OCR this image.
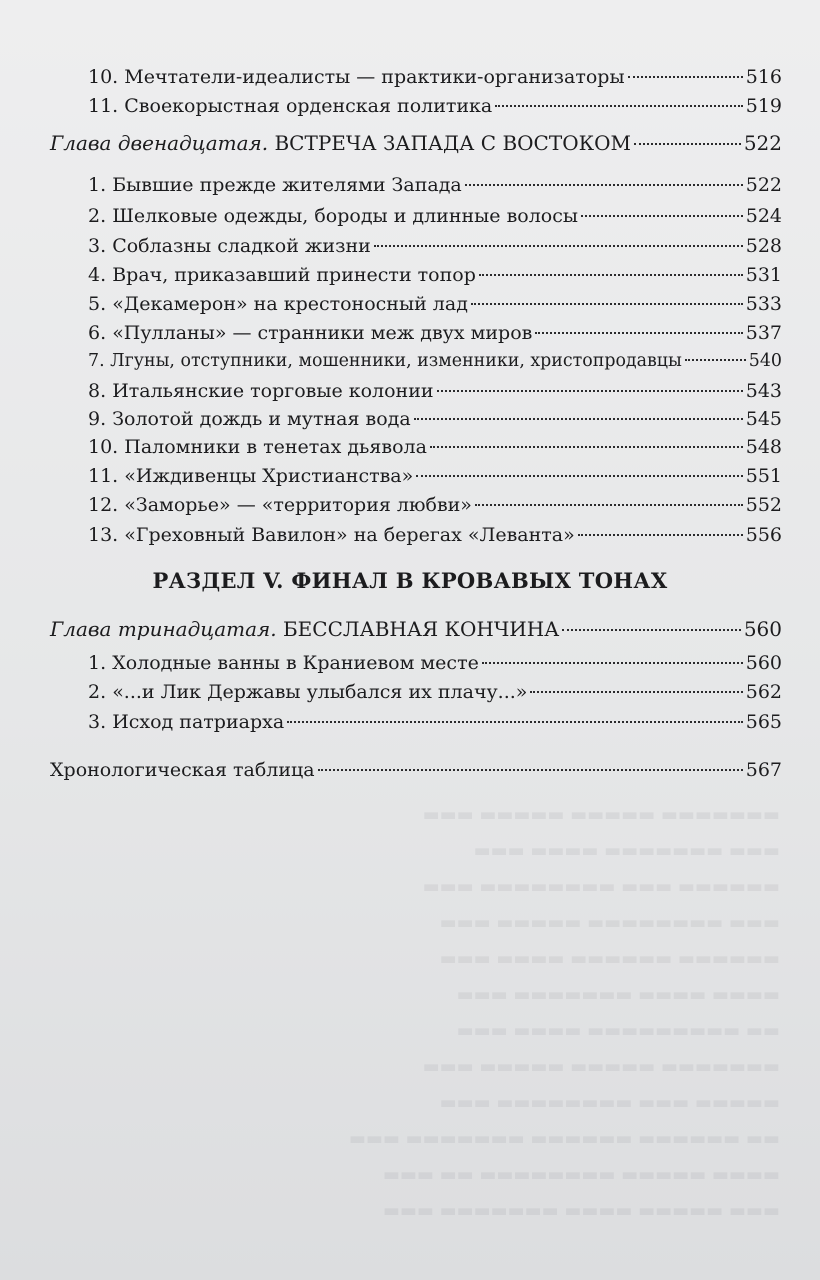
▬▬▬ ▬▬▬▬▬ ▬▬▬▬ ▬▬▬▬▬▬▬ ▬▬▬
▬▬▬▬ ▬▬▬▬▬ ▬▬▬▬▬▬▬▬ ▬▬ ▬▬▬
▬▬ ▬▬▬▬▬▬ ▬▬▬▬▬▬ ▬▬▬▬▬▬▬ ▬▬▬
▬▬▬▬▬ ▬▬▬ ▬▬▬▬▬▬▬▬ ▬▬▬
▬▬▬▬▬▬▬ ▬▬▬▬▬ ▬▬▬▬▬ ▬▬▬
▬▬ ▬▬▬▬▬▬▬▬▬ ▬▬▬▬ ▬▬▬
▬▬▬▬ ▬▬▬▬ ▬▬▬▬▬▬▬ ▬▬▬
▬▬▬▬▬▬ ▬▬▬▬▬▬ ▬▬▬▬ ▬▬▬
▬▬▬ ▬▬▬▬▬▬▬▬ ▬▬▬▬▬ ▬▬▬
▬▬▬▬▬▬ ▬▬▬ ▬▬▬▬▬▬▬▬ ▬▬▬
▬▬▬ ▬▬▬▬▬▬▬ ▬▬▬▬ ▬▬▬
▬▬▬▬▬▬▬ ▬▬▬▬▬ ▬▬▬▬▬ ▬▬▬
10. Мечтатели-идеалисты — практики-организаторы	516
11. Своекорыстная орденская политика	519
Глава двенадцатая. ВСТРЕЧА ЗАПАДА С ВОСТОКОМ	522
1. Бывшие прежде жителями Запада	522
2. Шелковые одежды, бороды и длинные волосы	524
3. Соблазны сладкой жизни	528
4. Врач, приказавший принести топор	531
5. «Декамерон» на крестоносный лад	533
6. «Пулланы» — странники меж двух миров	537
7. Лгуны, отступники, мошенники, изменники, христопродавцы	540
8. Итальянские торговые колонии	543
9. Золотой дождь и мутная вода	545
10. Паломники в тенетах дьявола	548
11. «Иждивенцы Христианства»	551
12. «Заморье» — «территория любви»	552
13. «Греховный Вавилон» на берегах «Леванта»	556
РАЗДЕЛ V. ФИНАЛ В КРОВАВЫХ ТОНАХ
Глава тринадцатая. БЕССЛАВНАЯ КОНЧИНА	560
1. Холодные ванны в Краниевом месте	560
2. «...и Лик Державы улыбался их плачу...»	562
3. Исход патриарха	565
Хронологическая таблица	567
